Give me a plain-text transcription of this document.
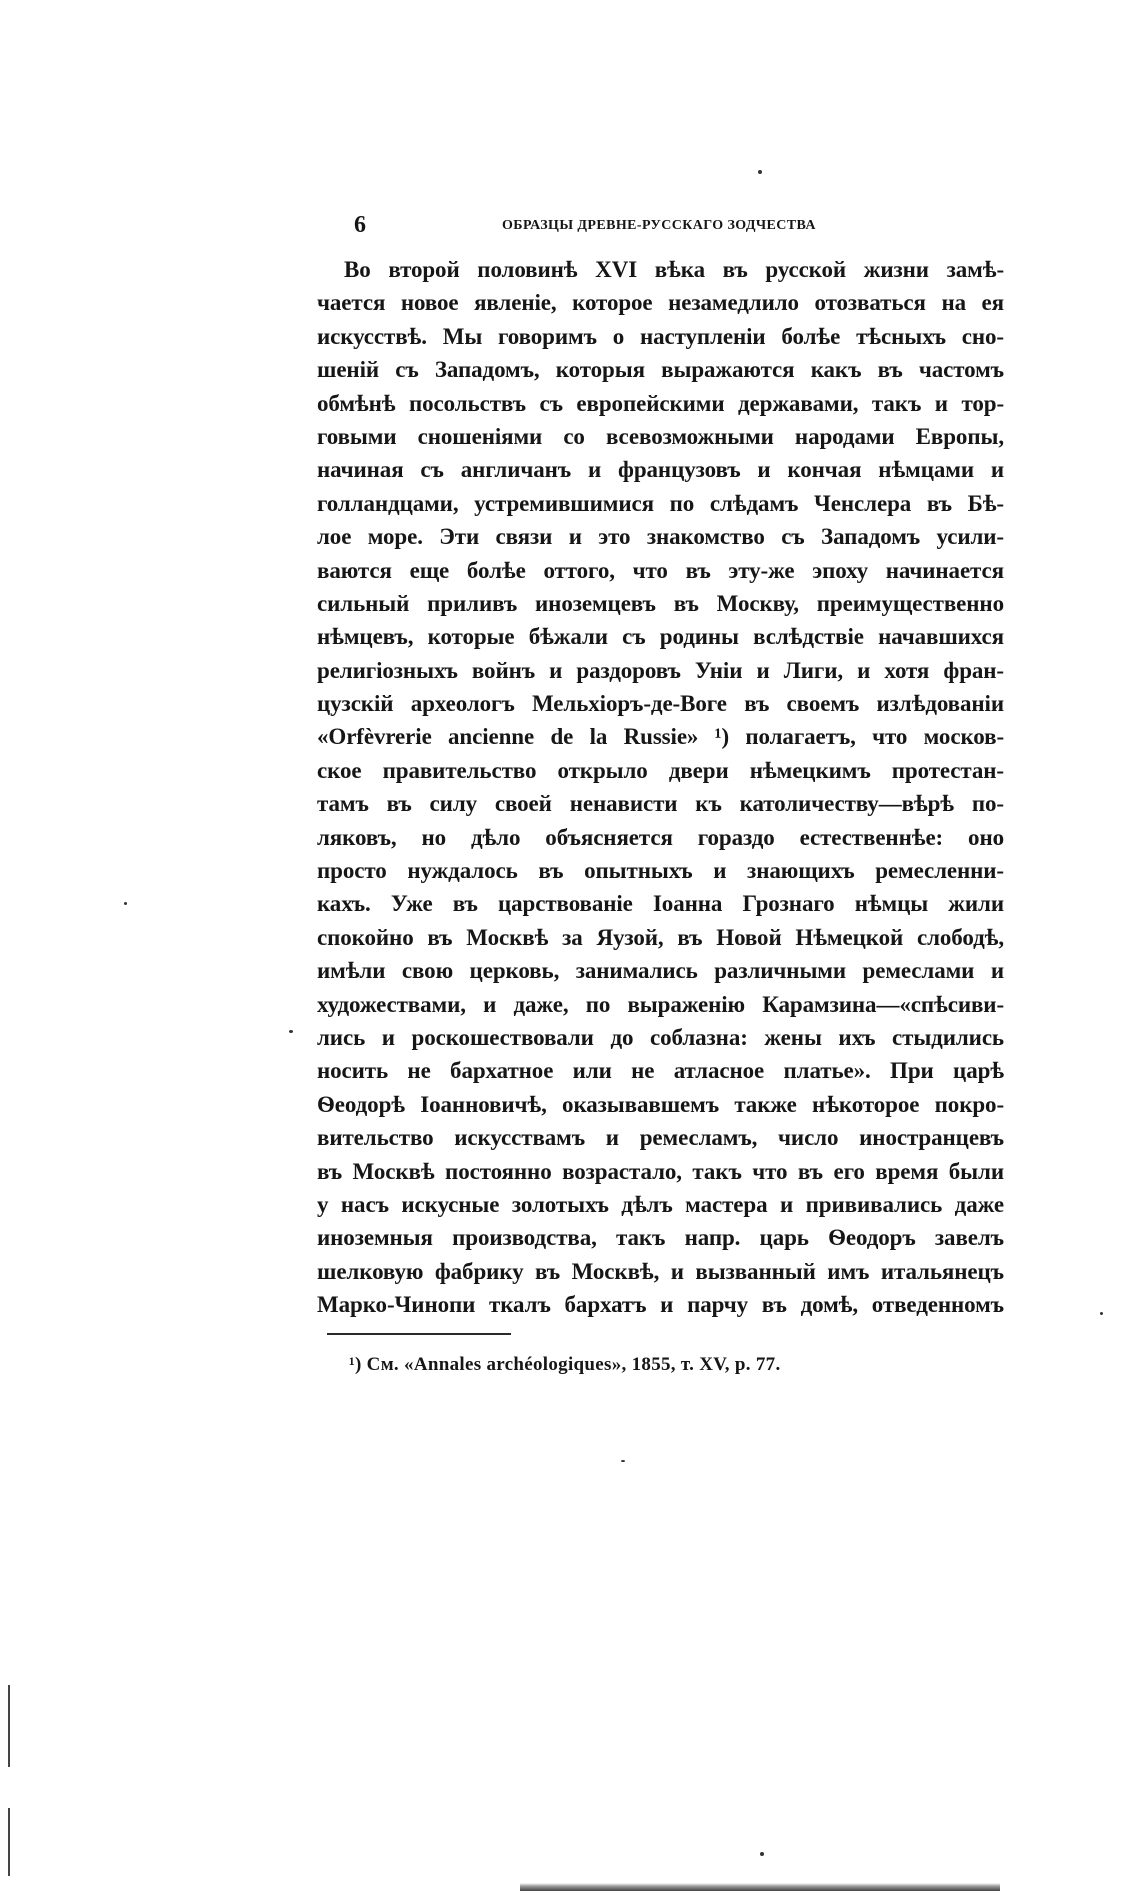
6	ОБРАЗЦЫ ДРЕВНЕ-РУССКАГО ЗОДЧЕСТВА
Во второй половинѣ XVI вѣка въ русской жизни замѣ-
чается новое явленіе, которое незамедлило отозваться на ея
искусствѣ. Мы говоримъ о наступленіи болѣе тѣсныхъ сно-
шеній съ Западомъ, которыя выражаются какъ въ частомъ
обмѣнѣ посольствъ съ европейскими державами, такъ и тор-
говыми сношеніями со всевозможными народами Европы,
начиная съ англичанъ и французовъ и кончая нѣмцами и
голландцами, устремившимися по слѣдамъ Ченслера въ Бѣ-
лое море. Эти связи и это знакомство съ Западомъ усили-
ваются еще болѣе оттого, что въ эту-же эпоху начинается
сильный приливъ иноземцевъ въ Москву, преимущественно
нѣмцевъ, которые бѣжали съ родины вслѣдствіе начавшихся
религіозныхъ войнъ и раздоровъ Уніи и Лиги, и хотя фран-
цузскій археологъ Мельхіоръ-де-Воге въ своемъ излѣдованіи
«Orfèvrerie ancienne de la Russie» ¹) полагаетъ, что москов-
ское правительство открыло двери нѣмецкимъ протестан-
тамъ въ силу своей ненависти къ католичеству—вѣрѣ по-
ляковъ, но дѣло объясняется гораздо естественнѣе: оно
просто нуждалось въ опытныхъ и знающихъ ремесленни-
кахъ. Уже въ царствованіе Іоанна Грознаго нѣмцы жили
спокойно въ Москвѣ за Яузой, въ Новой Нѣмецкой слободѣ,
имѣли свою церковь, занимались различными ремеслами и
художествами, и даже, по выраженію Карамзина—«спѣсиви-
лись и роскошествовали до соблазна: жены ихъ стыдились
носить не бархатное или не атласное платье». При царѣ
Ѳеодорѣ Іоанновичѣ, оказывавшемъ также нѣкоторое покро-
вительство искусствамъ и ремесламъ, число иностранцевъ
въ Москвѣ постоянно возрастало, такъ что въ его время были
у насъ искусные золотыхъ дѣлъ мастера и прививались даже
иноземныя производства, такъ напр. царь Ѳеодоръ завелъ
шелковую фабрику въ Москвѣ, и вызванный имъ итальянецъ
Марко-Чинопи ткалъ бархатъ и парчу въ домѣ, отведенномъ
¹) См. «Annales archéologiques», 1855, т. XV, p. 77.
